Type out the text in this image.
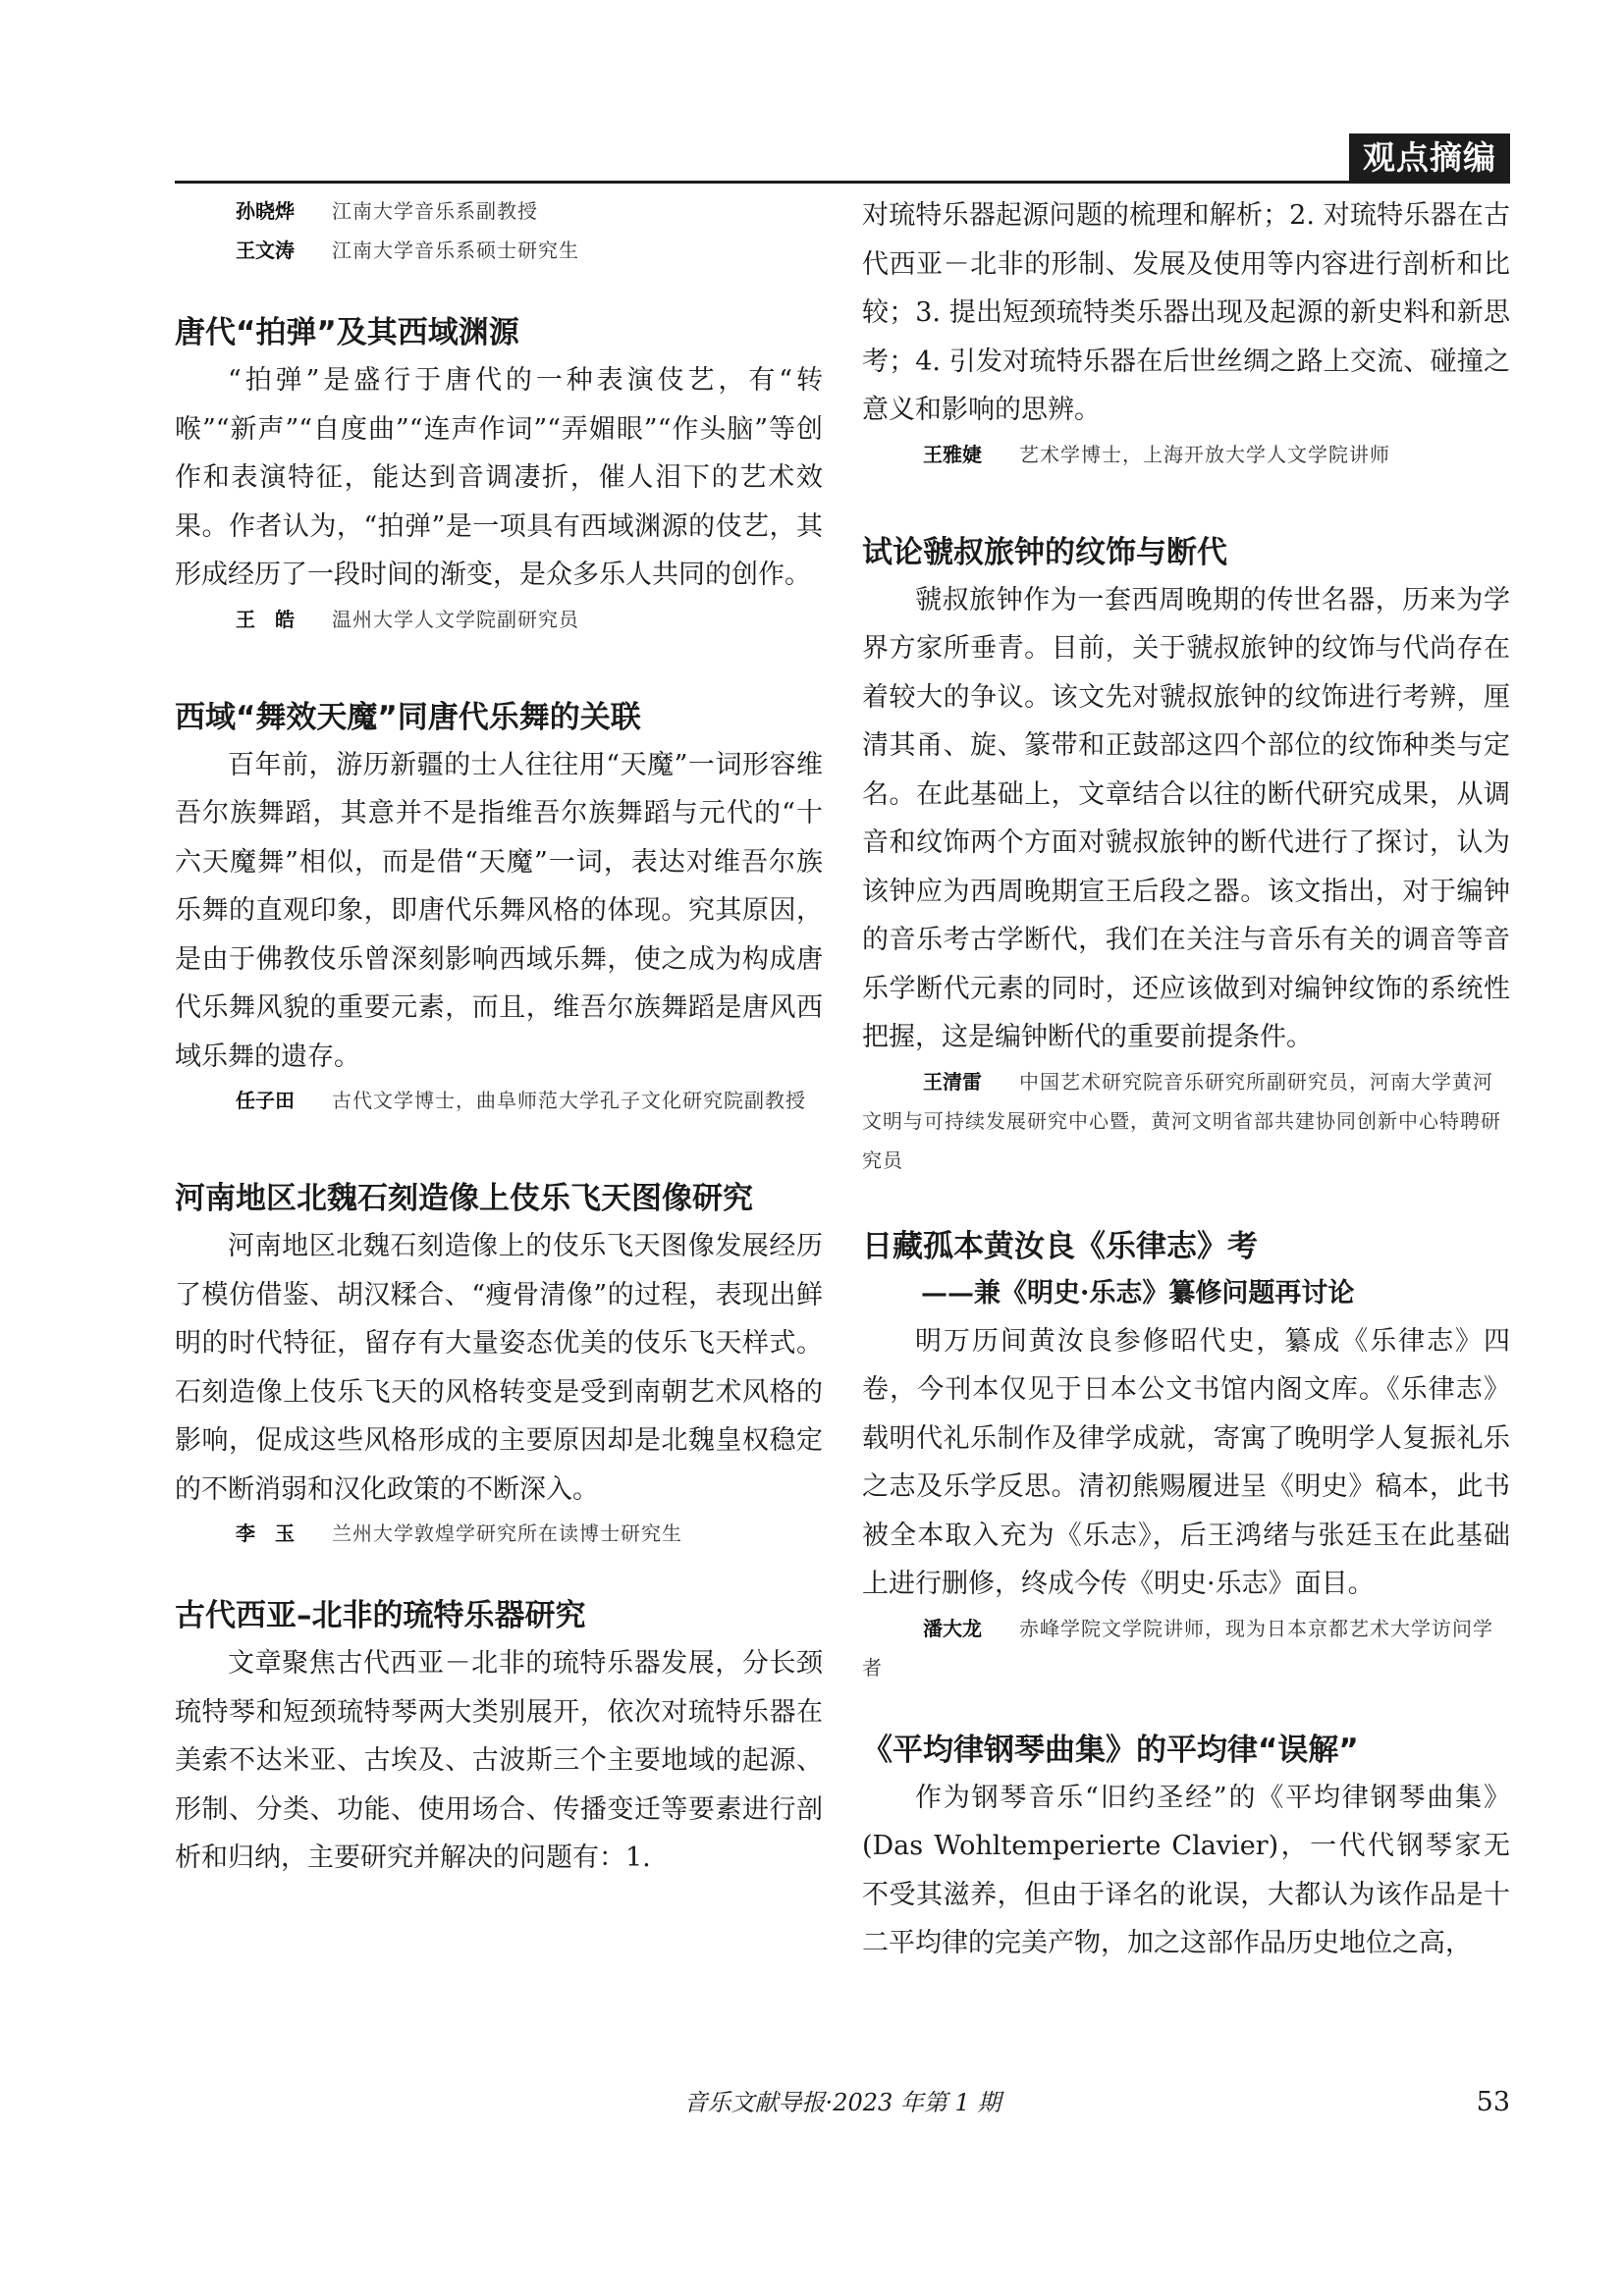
观点摘编

孙晓烨 江南大学音乐系副教授

王文涛 江南大学音乐系硕士研究生

唐代“拍弹”及其西域渊源

“拍弹”是盛行于唐代的一种表演伎艺，有“转喉”“新声”“自度曲”“连声作词”“弄媚眼”“作头脑”等创作和表演特征，能达到音调凄折，催人泪下的艺术效果。作者认为，“拍弹”是一项具有西域渊源的伎艺，其形成经历了一段时间的渐变，是众多乐人共同的创作。

王　皓 温州大学人文学院副研究员

西域“舞效天魔”同唐代乐舞的关联

百年前，游历新疆的士人往往用“天魔”一词形容维吾尔族舞蹈，其意并不是指维吾尔族舞蹈与元代的“十六天魔舞”相似，而是借“天魔”一词，表达对维吾尔族乐舞的直观印象，即唐代乐舞风格的体现。究其原因，是由于佛教伎乐曾深刻影响西域乐舞，使之成为构成唐代乐舞风貌的重要元素，而且，维吾尔族舞蹈是唐风西域乐舞的遗存。

任子田 古代文学博士，曲阜师范大学孔子文化研究院副教授

河南地区北魏石刻造像上伎乐飞天图像研究

河南地区北魏石刻造像上的伎乐飞天图像发展经历了模仿借鉴、胡汉糅合、“瘦骨清像”的过程，表现出鲜明的时代特征，留存有大量姿态优美的伎乐飞天样式。石刻造像上伎乐飞天的风格转变是受到南朝艺术风格的影响，促成这些风格形成的主要原因却是北魏皇权稳定的不断消弱和汉化政策的不断深入。

李　玉 兰州大学敦煌学研究所在读博士研究生

古代西亚–北非的琉特乐器研究

文章聚焦古代西亚－北非的琉特乐器发展，分长颈琉特琴和短颈琉特琴两大类别展开，依次对琉特乐器在美索不达米亚、古埃及、古波斯三个主要地域的起源、形制、分类、功能、使用场合、传播变迁等要素进行剖析和归纳，主要研究并解决的问题有：1.

对琉特乐器起源问题的梳理和解析；2. 对琉特乐器在古代西亚－北非的形制、发展及使用等内容进行剖析和比较；3. 提出短颈琉特类乐器出现及起源的新史料和新思考；4. 引发对琉特乐器在后世丝绸之路上交流、碰撞之意义和影响的思辨。

王雅婕 艺术学博士，上海开放大学人文学院讲师

试论虢叔旅钟的纹饰与断代

虢叔旅钟作为一套西周晚期的传世名器，历来为学界方家所垂青。目前，关于虢叔旅钟的纹饰与代尚存在着较大的争议。该文先对虢叔旅钟的纹饰进行考辨，厘清其甬、旋、篆带和正鼓部这四个部位的纹饰种类与定名。在此基础上，文章结合以往的断代研究成果，从调音和纹饰两个方面对虢叔旅钟的断代进行了探讨，认为该钟应为西周晚期宣王后段之器。该文指出，对于编钟的音乐考古学断代，我们在关注与音乐有关的调音等音乐学断代元素的同时，还应该做到对编钟纹饰的系统性把握，这是编钟断代的重要前提条件。

王清雷 中国艺术研究院音乐研究所副研究员，河南大学黄河文明与可持续发展研究中心暨，黄河文明省部共建协同创新中心特聘研究员

日藏孤本黄汝良《乐律志》考

——兼《明史·乐志》纂修问题再讨论

明万历间黄汝良参修昭代史，纂成《乐律志》四卷，今刊本仅见于日本公文书馆内阁文库。《乐律志》载明代礼乐制作及律学成就，寄寓了晚明学人复振礼乐之志及乐学反思。清初熊赐履进呈《明史》稿本，此书被全本取入充为《乐志》，后王鸿绪与张廷玉在此基础上进行删修，终成今传《明史·乐志》面目。

潘大龙 赤峰学院文学院讲师，现为日本京都艺术大学访问学者

《平均律钢琴曲集》的平均律“误解”

作为钢琴音乐“旧约圣经”的《平均律钢琴曲集》(Das Wohltemperierte Clavier)，一代代钢琴家无不受其滋养，但由于译名的讹误，大都认为该作品是十二平均律的完美产物，加之这部作品历史地位之高，

音乐文献导报·2023 年第 1 期	53
